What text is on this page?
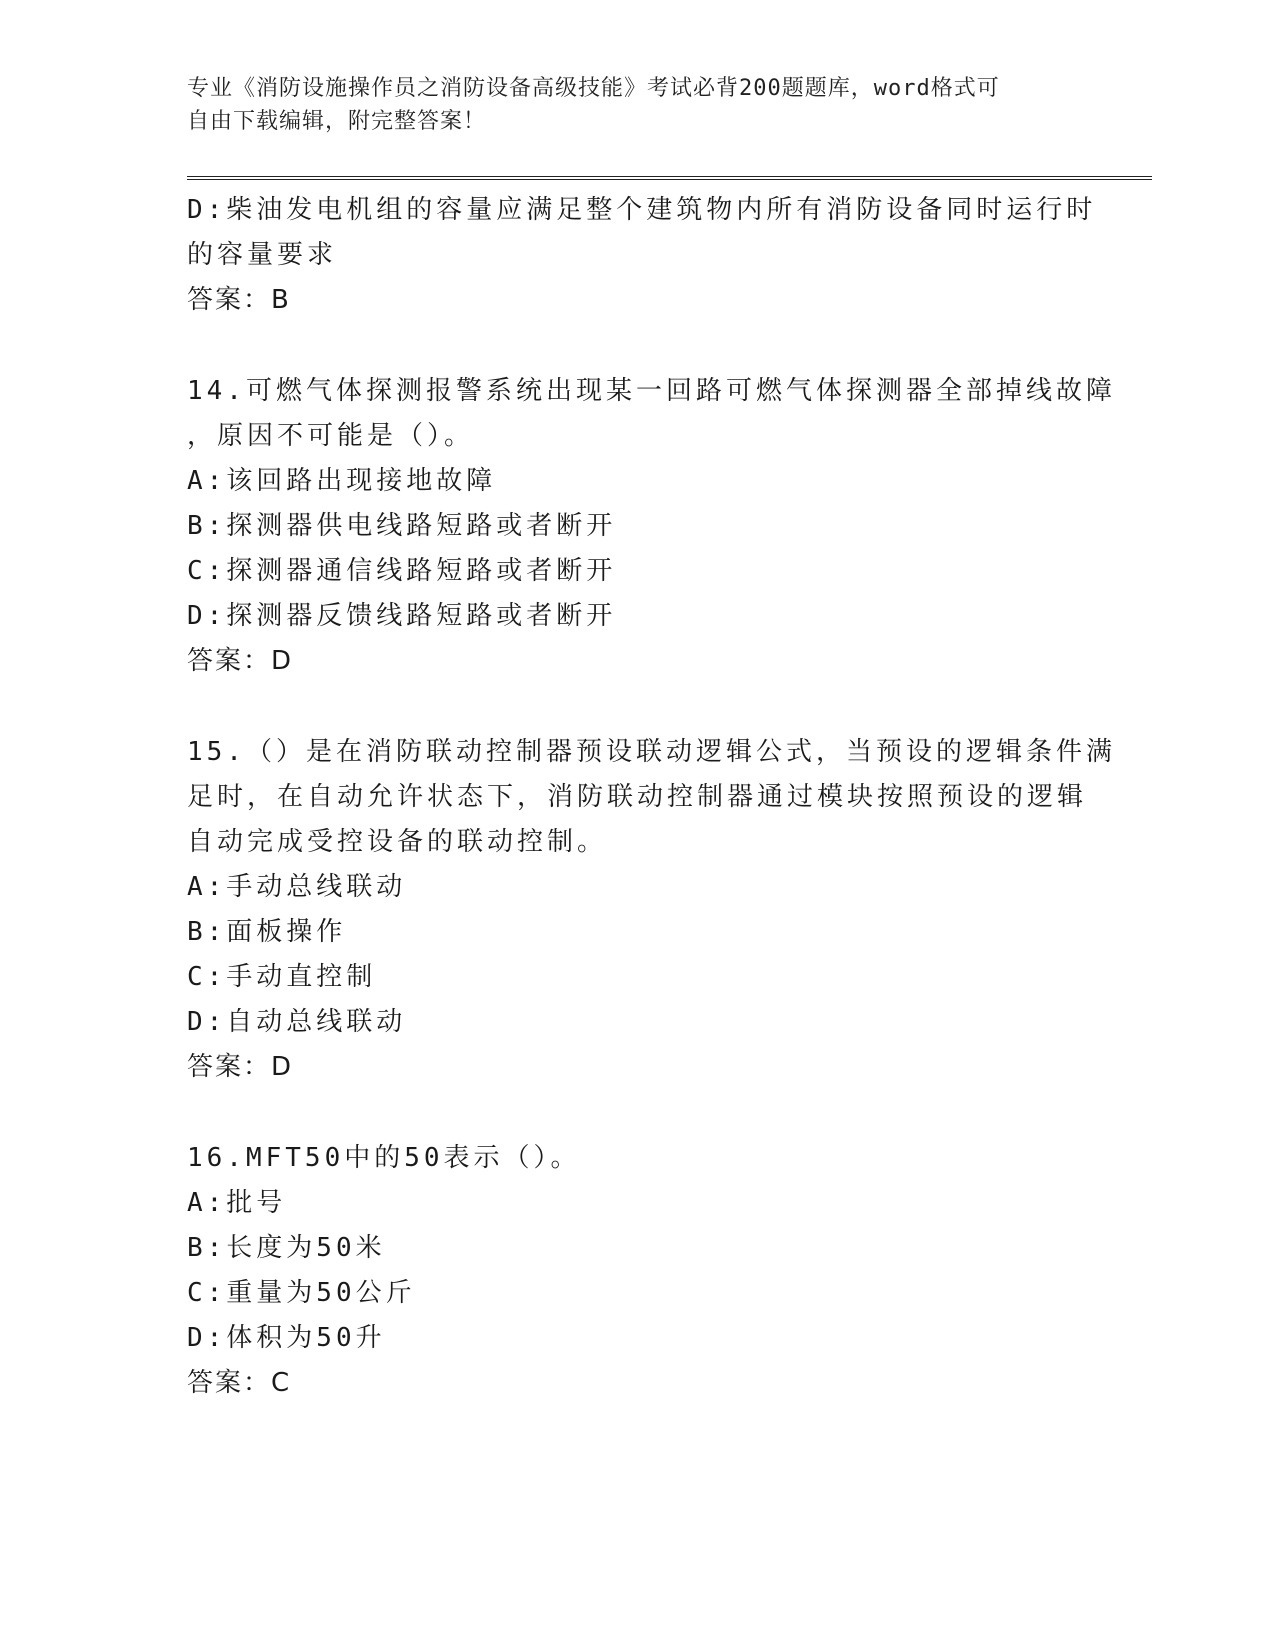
专业《消防设施操作员之消防设备高级技能》考试必背200题题库，word格式可
自由下载编辑，附完整答案！
D:柴油发电机组的容量应满足整个建筑物内所有消防设备同时运行时
的容量要求
答案：B
14.可燃气体探测报警系统出现某一回路可燃气体探测器全部掉线故障
，原因不可能是（）。
A:该回路出现接地故障
B:探测器供电线路短路或者断开
C:探测器通信线路短路或者断开
D:探测器反馈线路短路或者断开
答案：D
15.（）是在消防联动控制器预设联动逻辑公式，当预设的逻辑条件满
足时，在自动允许状态下，消防联动控制器通过模块按照预设的逻辑
自动完成受控设备的联动控制。
A:手动总线联动
B:面板操作
C:手动直控制
D:自动总线联动
答案：D
16.MFT50中的50表示（）。
A:批号
B:长度为50米
C:重量为50公斤
D:体积为50升
答案：C
